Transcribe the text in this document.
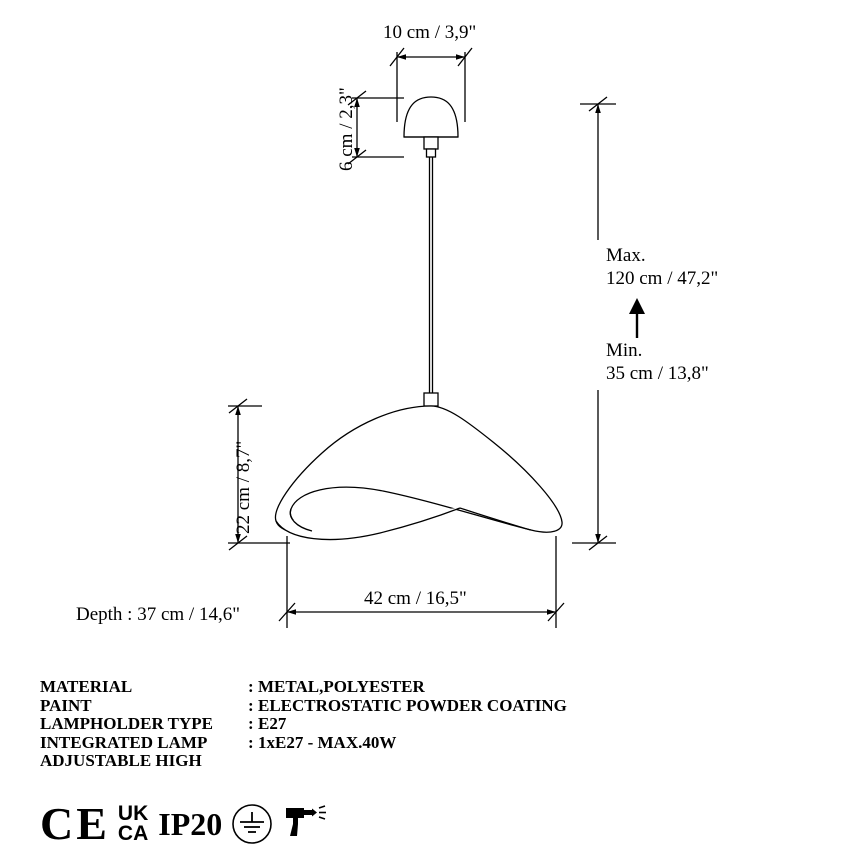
10 cm / 3,9"
6 cm / 2,3"
22 cm / 8,7"
Max.
120 cm / 47,2"
Min.
35 cm / 13,8"
42 cm / 16,5"
Depth : 37 cm / 14,6"
MATERIAL	:	METAL,POLYESTER
PAINT	:	ELECTROSTATIC POWDER COATING
LAMPHOLDER TYPE	:	E27
INTEGRATED LAMP	:	1xE27 - MAX.40W
ADJUSTABLE HIGH
CE UK
CA IP20
